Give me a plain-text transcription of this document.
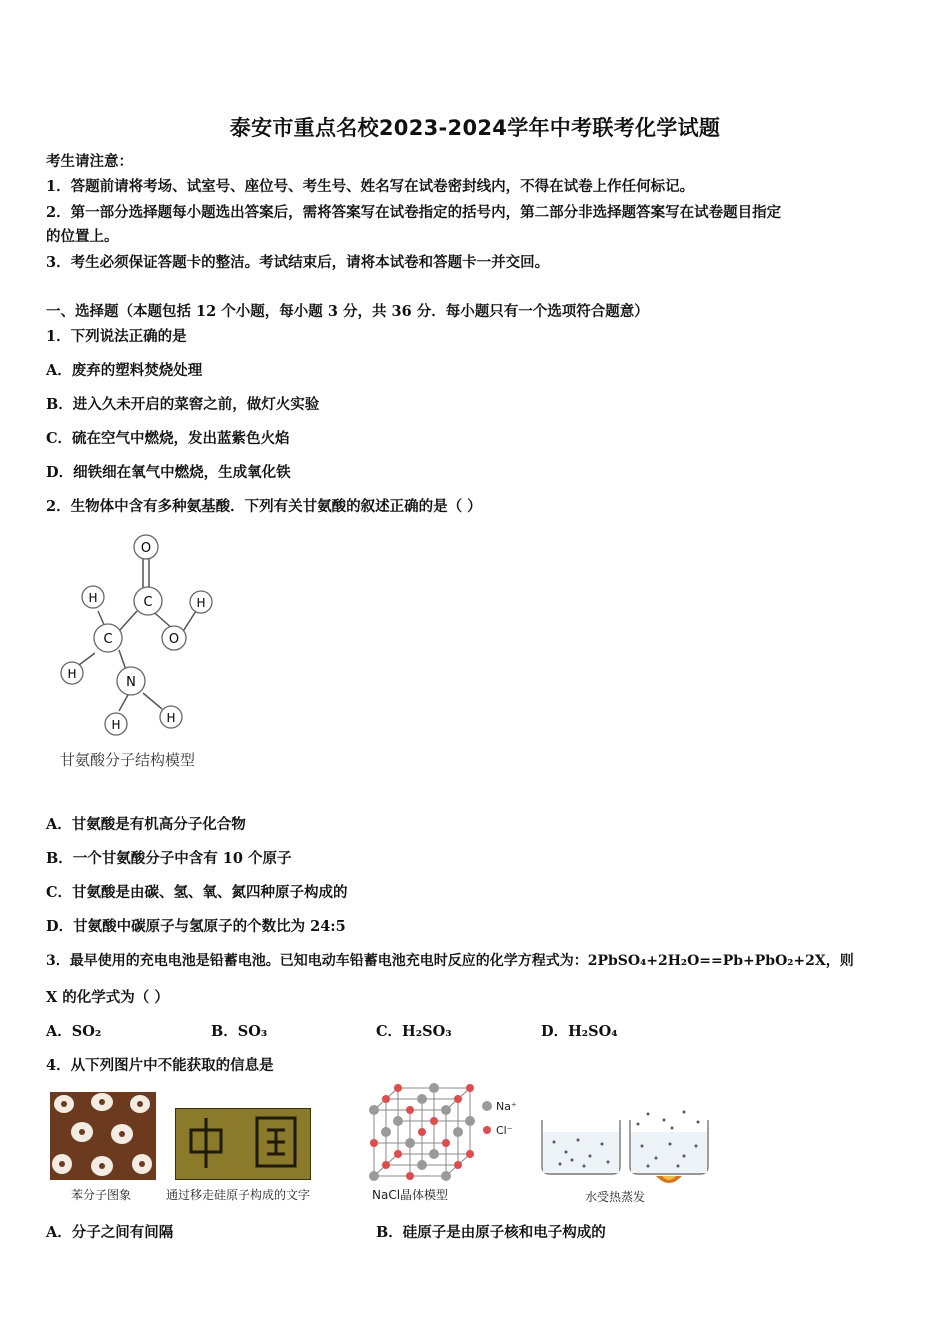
泰安市重点名校2023-2024学年中考联考化学试题
考生请注意：
1．答题前请将考场、试室号、座位号、考生号、姓名写在试卷密封线内，不得在试卷上作任何标记。
2．第一部分选择题每小题选出答案后，需将答案写在试卷指定的括号内，第二部分非选择题答案写在试卷题目指定
的位置上。
3．考生必须保证答题卡的整洁。考试结束后，请将本试卷和答题卡一并交回。
一、选择题（本题包括 12 个小题，每小题 3 分，共 36 分．每小题只有一个选项符合题意）
1．下列说法正确的是
A．废弃的塑料焚烧处理
B．进入久未开启的菜窖之前，做灯火实验
C．硫在空气中燃烧，发出蓝紫色火焰
D．细铁细在氧气中燃烧，生成氧化铁
2．生物体中含有多种氨基酸．下列有关甘氨酸的叙述正确的是（ ）
O
C
H	H
C	O
H
N
H	H
甘氨酸分子结构模型
A．甘氨酸是有机高分子化合物
B．一个甘氨酸分子中含有 10 个原子
C．甘氨酸是由碳、氢、氧、氮四种原子构成的
D．甘氨酸中碳原子与氢原子的个数比为 24:5
3．最早使用的充电电池是铅蓄电池。已知电动车铅蓄电池充电时反应的化学方程式为：2PbSO₄+2H₂O==Pb+PbO₂+2X，则
X 的化学式为（ ）
A．SO₂	B．SO₃	C．H₂SO₃	D．H₂SO₄
4．从下列图片中不能获取的信息是
苯分子图象	通过移走硅原子构成的文字
Na⁺
Cl⁻
NaCl晶体模型	水受热蒸发
A．分子之间有间隔	B．硅原子是由原子核和电子构成的
